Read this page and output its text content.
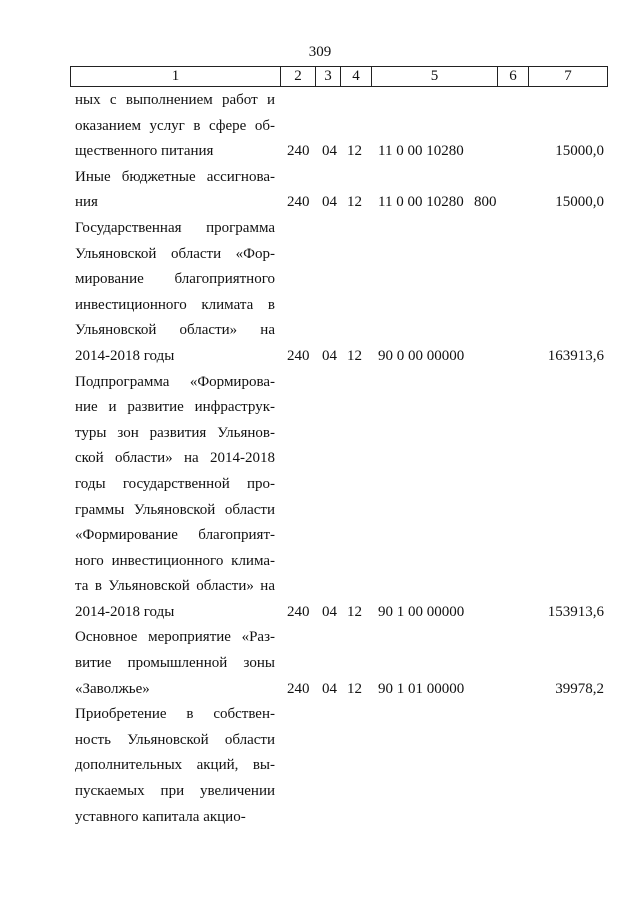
309
1	2	3	4	5	6	7
ных с выполнением работ и
оказанием услуг в сфере об-
щественного питания	240 04 12 11 0 00 10280	15000,0
Иные бюджетные ассигнова-
ния	240 04 12 11 0 00 10280 800	15000,0
Государственная программа
Ульяновской области «Фор-
мирование благоприятного
инвестиционного климата в
Ульяновской области» на
2014-2018 годы	240 04 12 90 0 00 00000	163913,6
Подпрограмма «Формирова-
ние и развитие инфраструк-
туры зон развития Ульянов-
ской области» на 2014-2018
годы государственной про-
граммы Ульяновской области
«Формирование благоприят-
ного инвестиционного клима-
та в Ульяновской области» на
2014-2018 годы	240 04 12 90 1 00 00000	153913,6
Основное мероприятие «Раз-
витие промышленной зоны
«Заволжье»	240 04 12 90 1 01 00000	39978,2
Приобретение в собствен-
ность Ульяновской области
дополнительных акций, вы-
пускаемых при увеличении
уставного капитала акцио-
